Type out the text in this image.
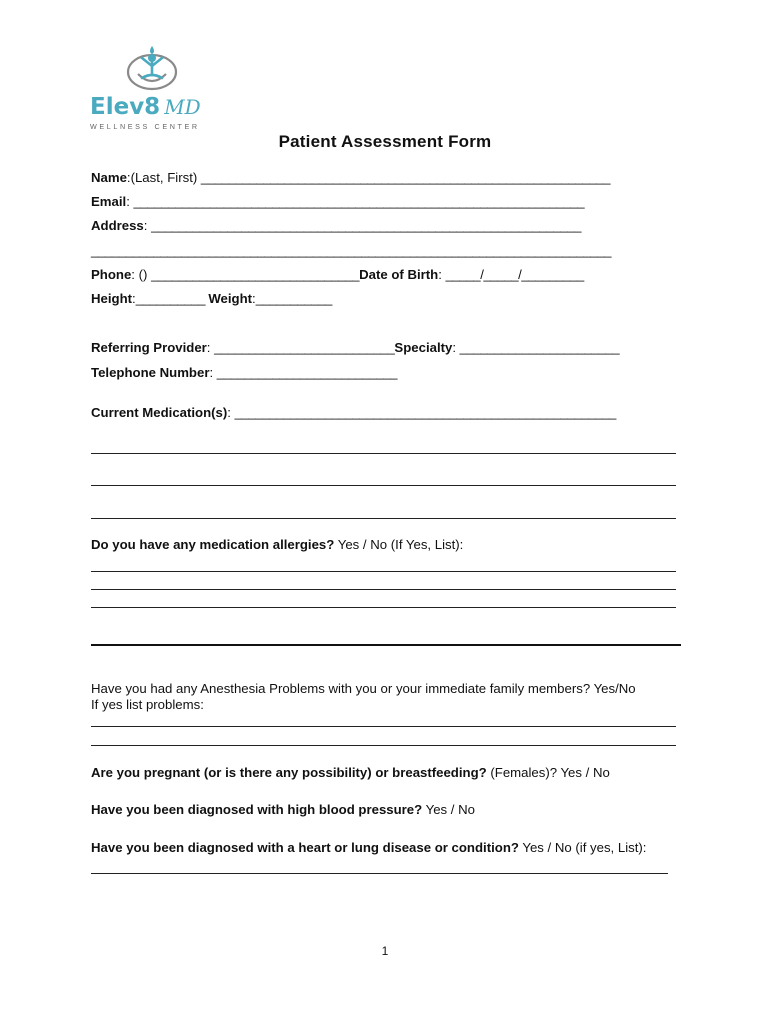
Elev8 MD
WELLNESS CENTER
Patient Assessment Form
Name:(Last, First) ___________________________________________________________
Email: _________________________________________________________________
Address: ______________________________________________________________
___________________________________________________________________________
Phone: () ______________________________Date of Birth: _____/_____/_________
Height:__________ Weight:___________
Referring Provider: __________________________Specialty: _______________________
Telephone Number: __________________________
Current Medication(s): _______________________________________________________
Do you have any medication allergies? Yes / No (If Yes, List):
Have you had any Anesthesia Problems with you or your immediate family members? Yes/No
If yes list problems:
Are you pregnant (or is there any possibility) or breastfeeding? (Females)? Yes / No
Have you been diagnosed with high blood pressure? Yes / No
Have you been diagnosed with a heart or lung disease or condition? Yes / No (if yes, List):
1
